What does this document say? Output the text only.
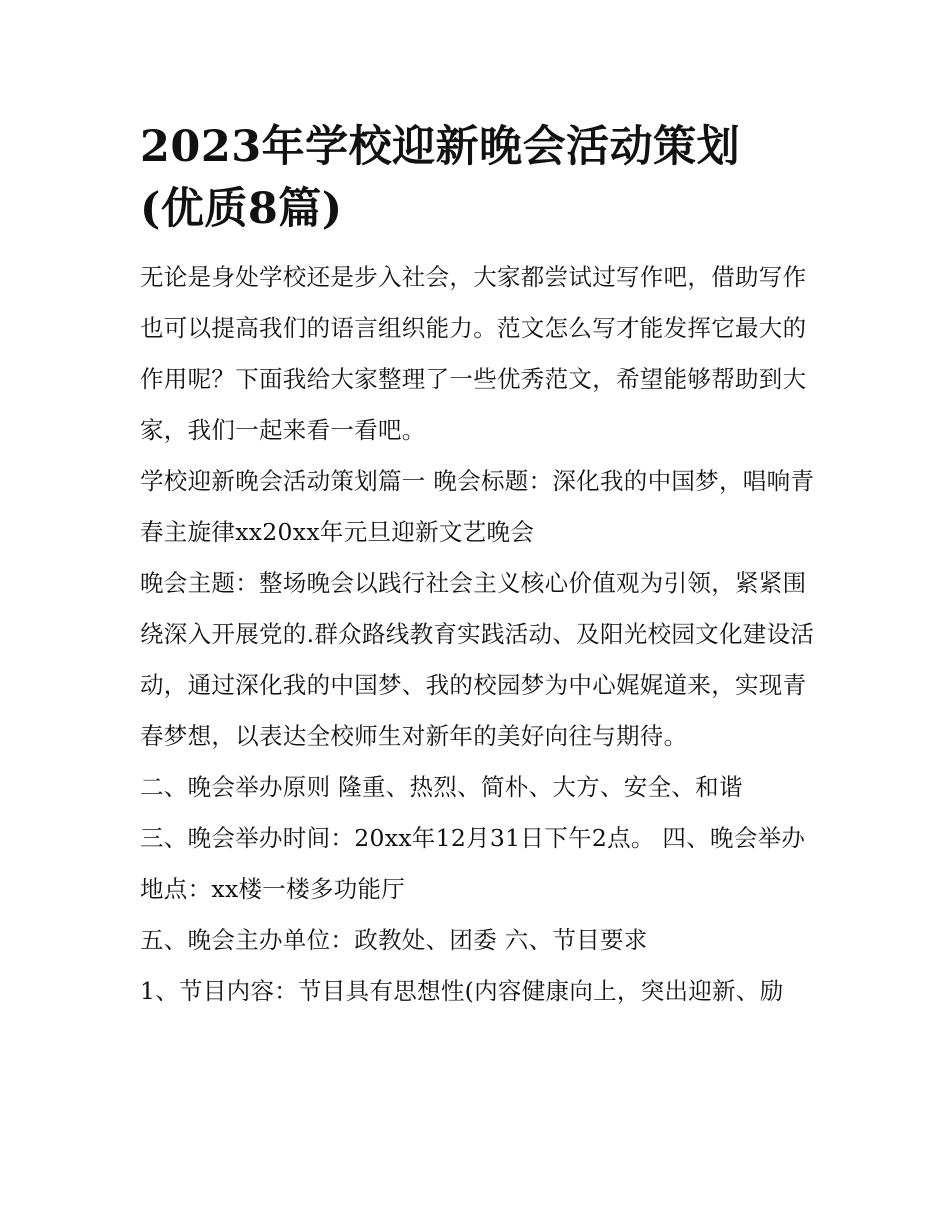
2023年学校迎新晚会活动策划
(优质8篇)

无论是身处学校还是步入社会，大家都尝试过写作吧，借助写作也可以提高我们的语言组织能力。范文怎么写才能发挥它最大的作用呢？下面我给大家整理了一些优秀范文，希望能够帮助到大家，我们一起来看一看吧。

学校迎新晚会活动策划篇一 晚会标题：深化我的中国梦，唱响青春主旋律xx20xx年元旦迎新文艺晚会

晚会主题：整场晚会以践行社会主义核心价值观为引领，紧紧围绕深入开展党的.群众路线教育实践活动、及阳光校园文化建设活动，通过深化我的中国梦、我的校园梦为中心娓娓道来，实现青春梦想，以表达全校师生对新年的美好向往与期待。

二、晚会举办原则 隆重、热烈、简朴、大方、安全、和谐

三、晚会举办时间：20xx年12月31日下午2点。 四、晚会举办地点：xx楼一楼多功能厅

五、晚会主办单位：政教处、团委 六、节目要求

1、节目内容：节目具有思想性(内容健康向上，突出迎新、励
